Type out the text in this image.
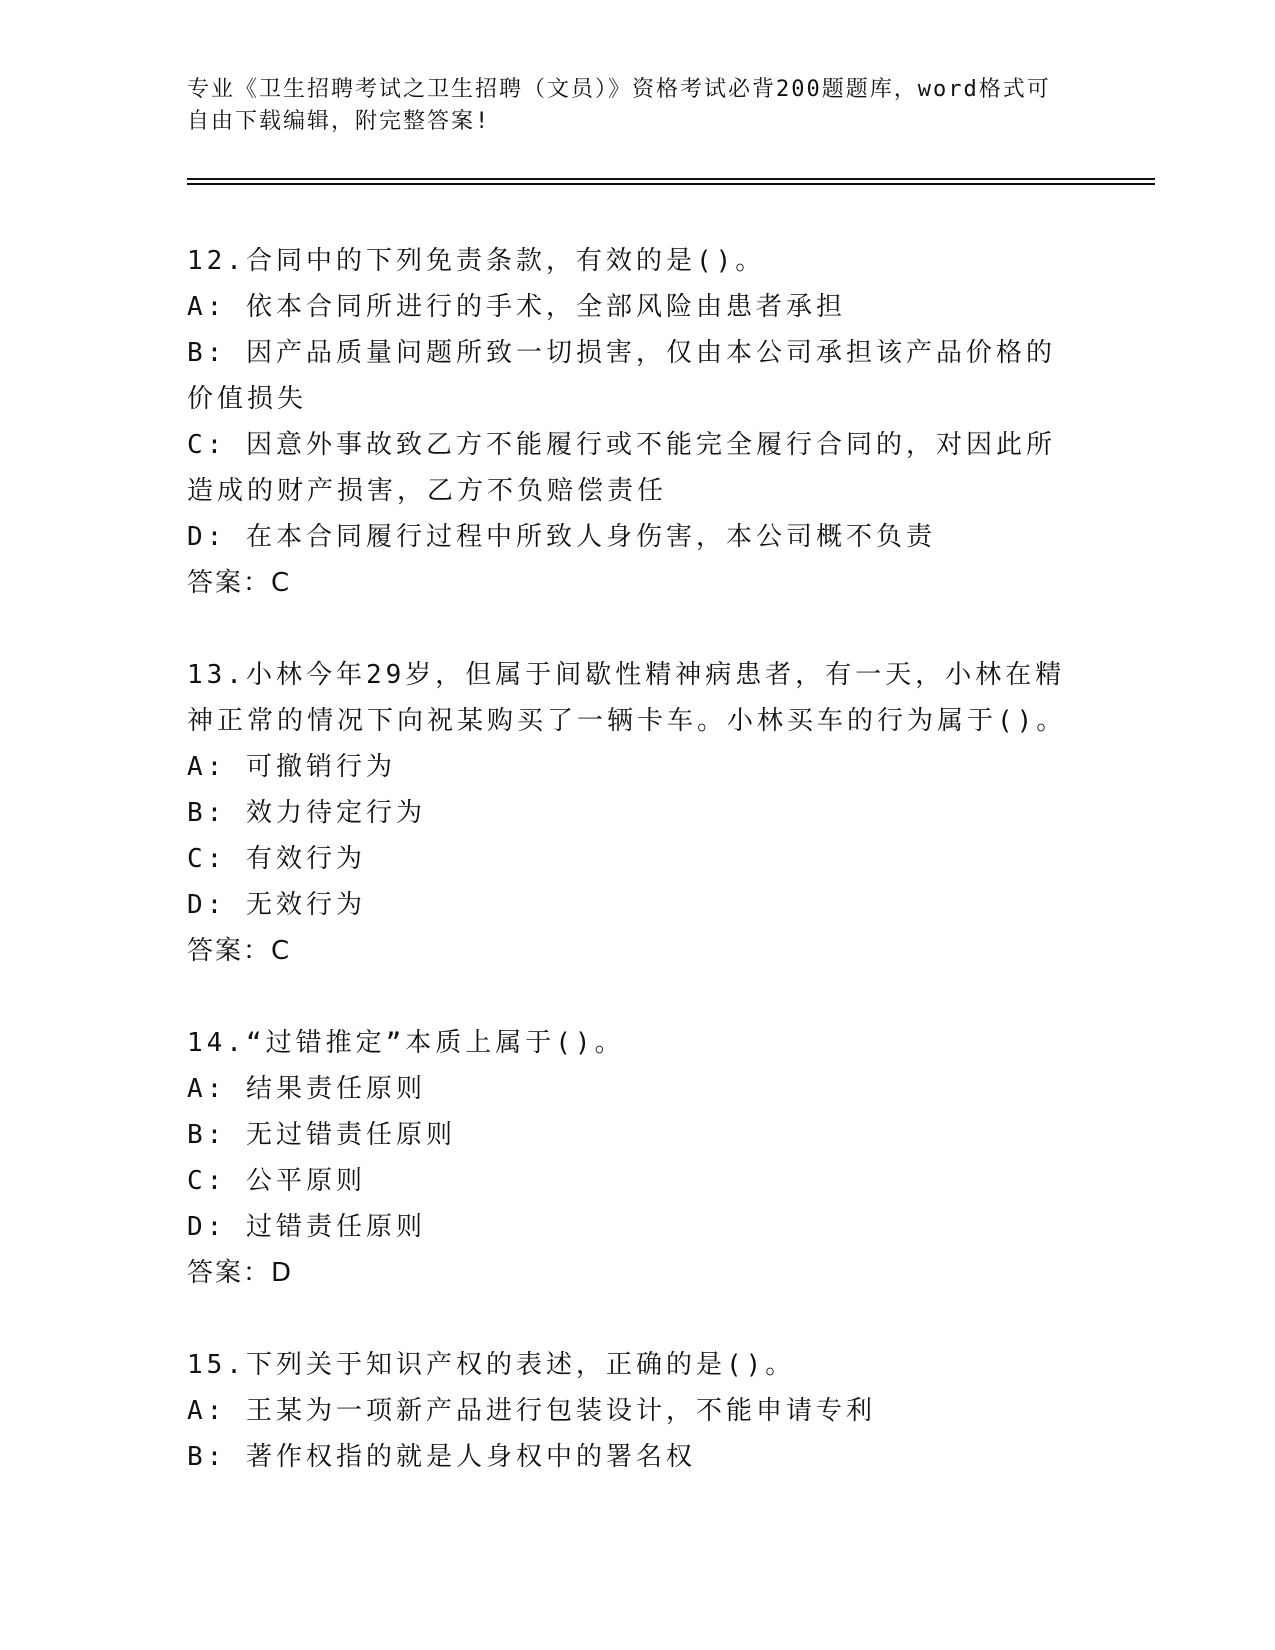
专业《卫生招聘考试之卫生招聘（文员）》资格考试必背200题题库，word格式可自由下载编辑，附完整答案!
12.合同中的下列免责条款，有效的是()。
A: 依本合同所进行的手术，全部风险由患者承担
B: 因产品质量问题所致一切损害，仅由本公司承担该产品价格的价值损失
C: 因意外事故致乙方不能履行或不能完全履行合同的，对因此所造成的财产损害，乙方不负赔偿责任
D: 在本合同履行过程中所致人身伤害，本公司概不负责
答案：C
13.小林今年29岁，但属于间歇性精神病患者，有一天，小林在精神正常的情况下向祝某购买了一辆卡车。小林买车的行为属于()。
A: 可撤销行为
B: 效力待定行为
C: 有效行为
D: 无效行为
答案：C
14.“过错推定”本质上属于()。
A: 结果责任原则
B: 无过错责任原则
C: 公平原则
D: 过错责任原则
答案：D
15.下列关于知识产权的表述，正确的是()。
A: 王某为一项新产品进行包装设计，不能申请专利
B: 著作权指的就是人身权中的署名权
